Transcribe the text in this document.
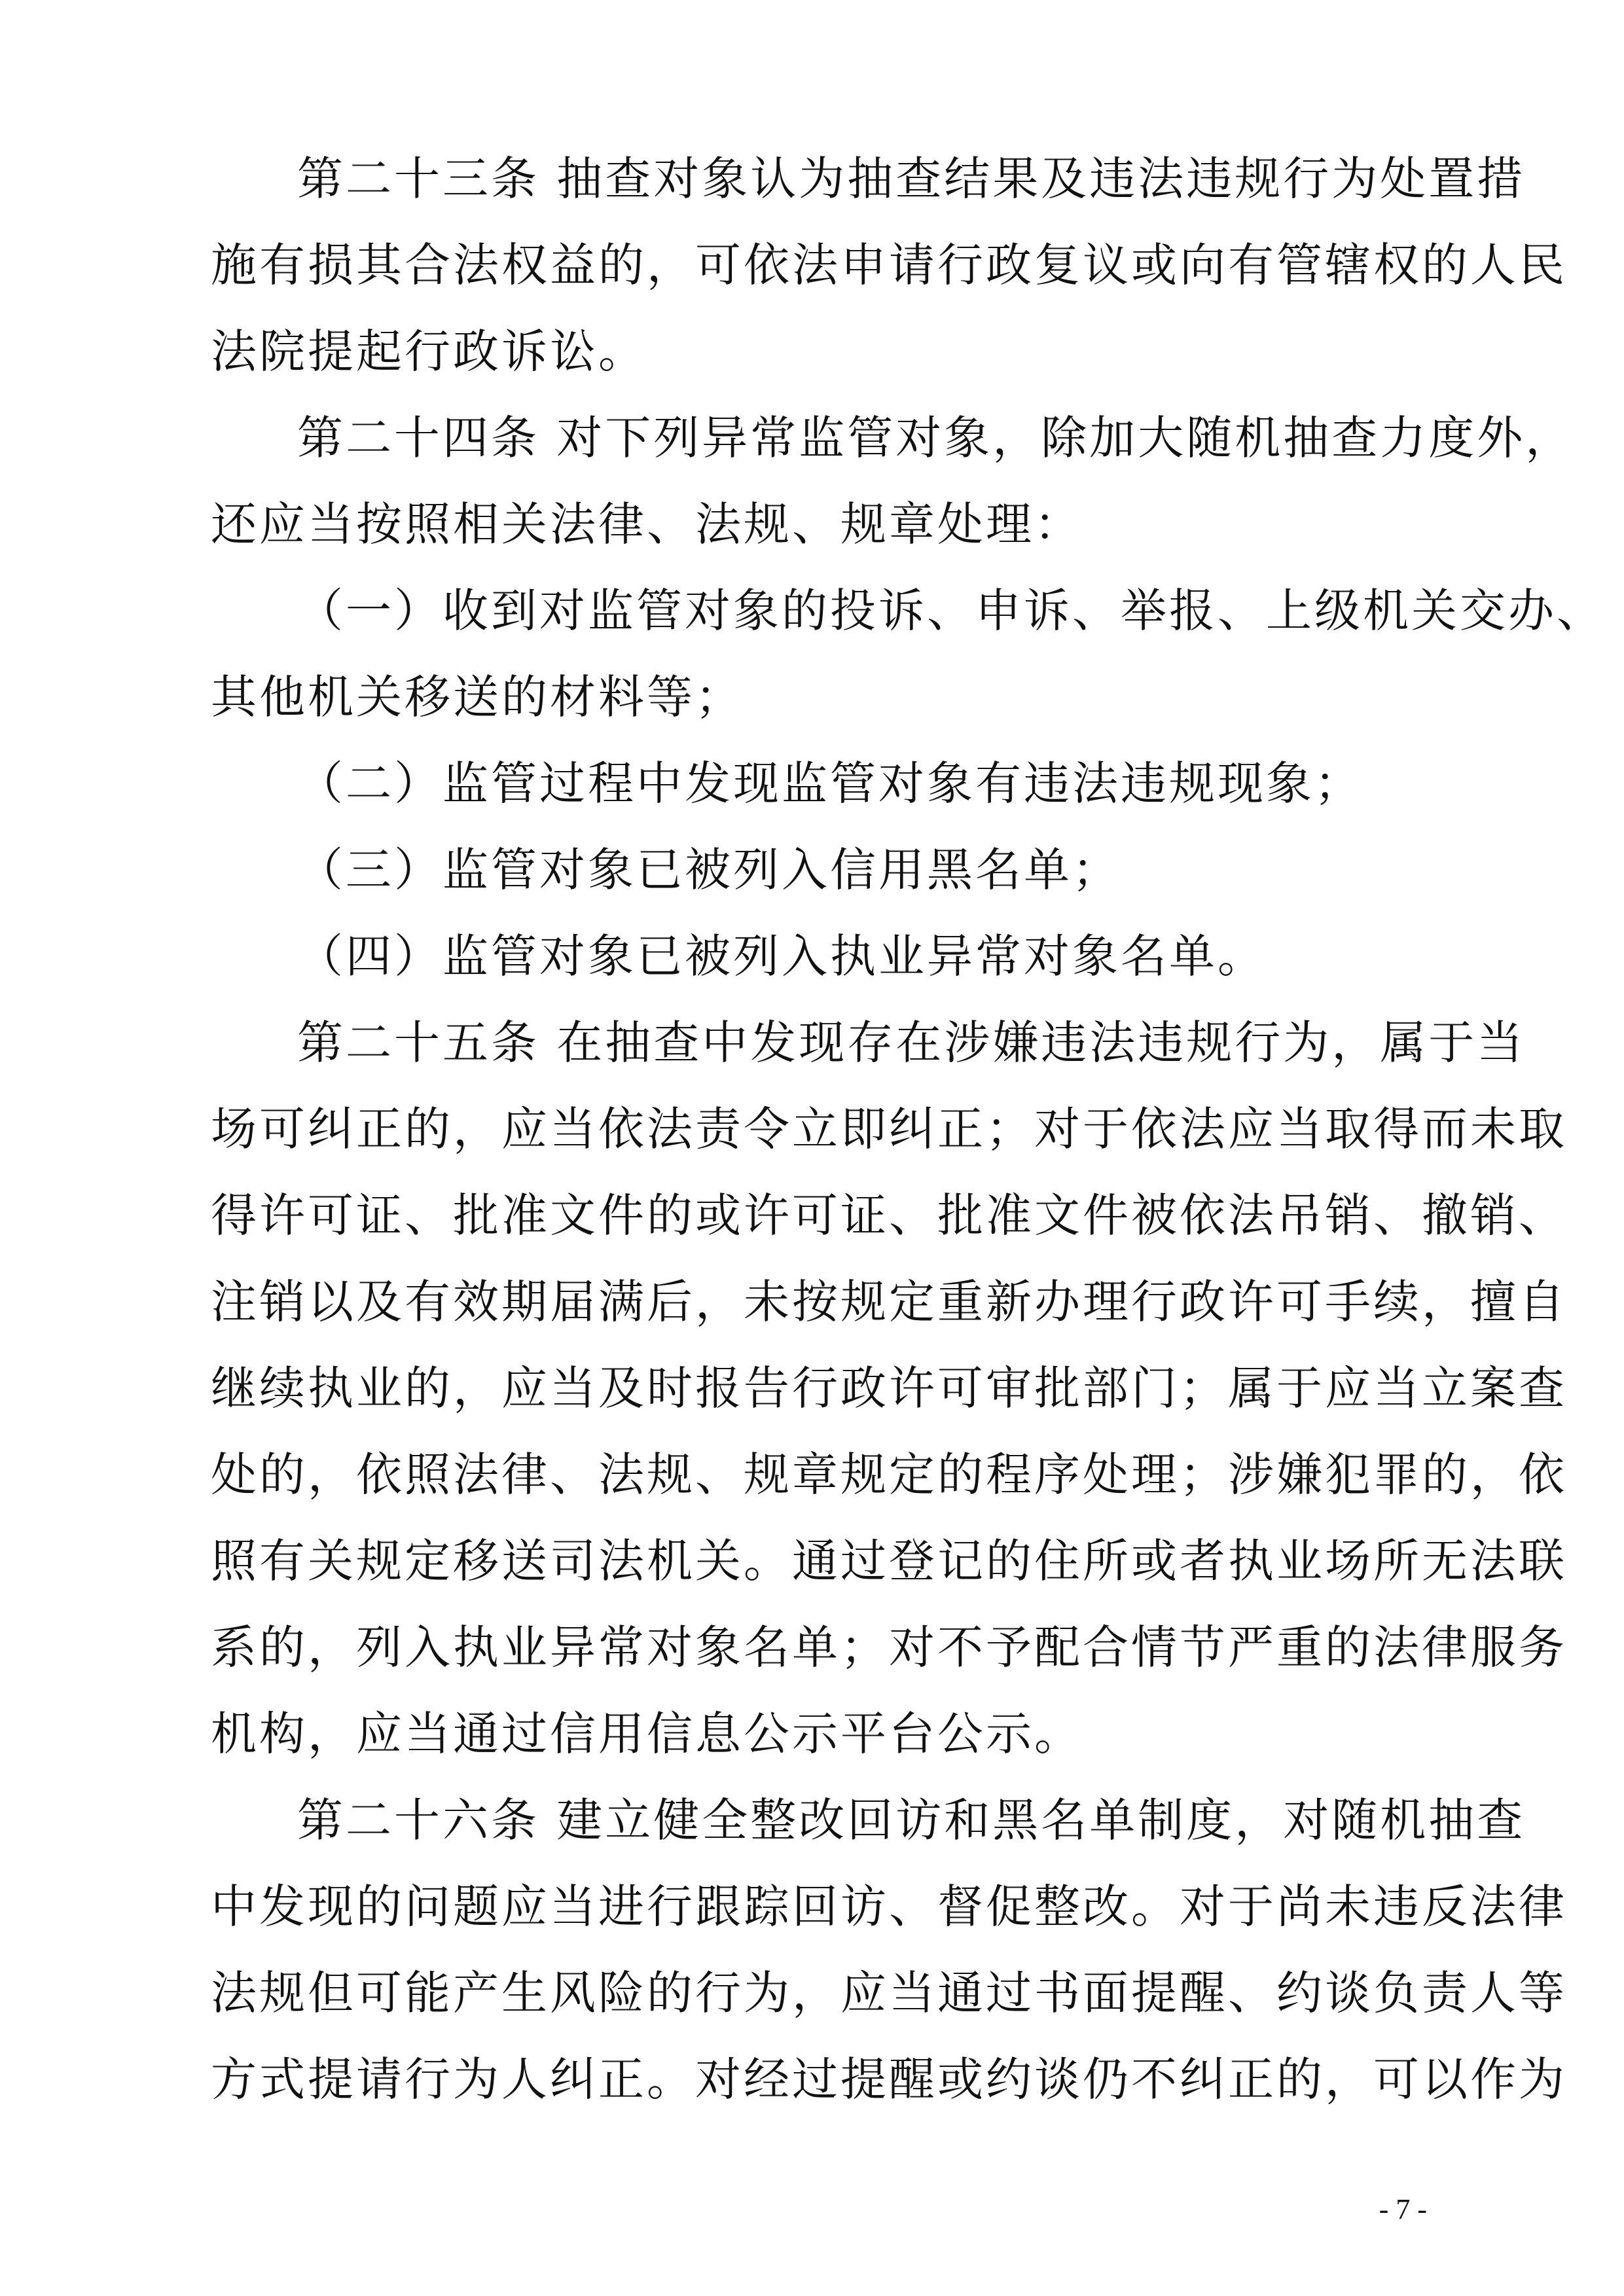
第二十三条 抽查对象认为抽查结果及违法违规行为处置措
施有损其合法权益的，可依法申请行政复议或向有管辖权的人民
法院提起行政诉讼。
第二十四条 对下列异常监管对象，除加大随机抽查力度外，
还应当按照相关法律、法规、规章处理：
（一）收到对监管对象的投诉、申诉、举报、上级机关交办、
其他机关移送的材料等；
（二）监管过程中发现监管对象有违法违规现象；
（三）监管对象已被列入信用黑名单；
（四）监管对象已被列入执业异常对象名单。
第二十五条 在抽查中发现存在涉嫌违法违规行为，属于当
场可纠正的，应当依法责令立即纠正；对于依法应当取得而未取
得许可证、批准文件的或许可证、批准文件被依法吊销、撤销、
注销以及有效期届满后，未按规定重新办理行政许可手续，擅自
继续执业的，应当及时报告行政许可审批部门；属于应当立案查
处的，依照法律、法规、规章规定的程序处理；涉嫌犯罪的，依
照有关规定移送司法机关。通过登记的住所或者执业场所无法联
系的，列入执业异常对象名单；对不予配合情节严重的法律服务
机构，应当通过信用信息公示平台公示。
第二十六条 建立健全整改回访和黑名单制度，对随机抽查
中发现的问题应当进行跟踪回访、督促整改。对于尚未违反法律
法规但可能产生风险的行为，应当通过书面提醒、约谈负责人等
方式提请行为人纠正。对经过提醒或约谈仍不纠正的，可以作为
- 7 -
